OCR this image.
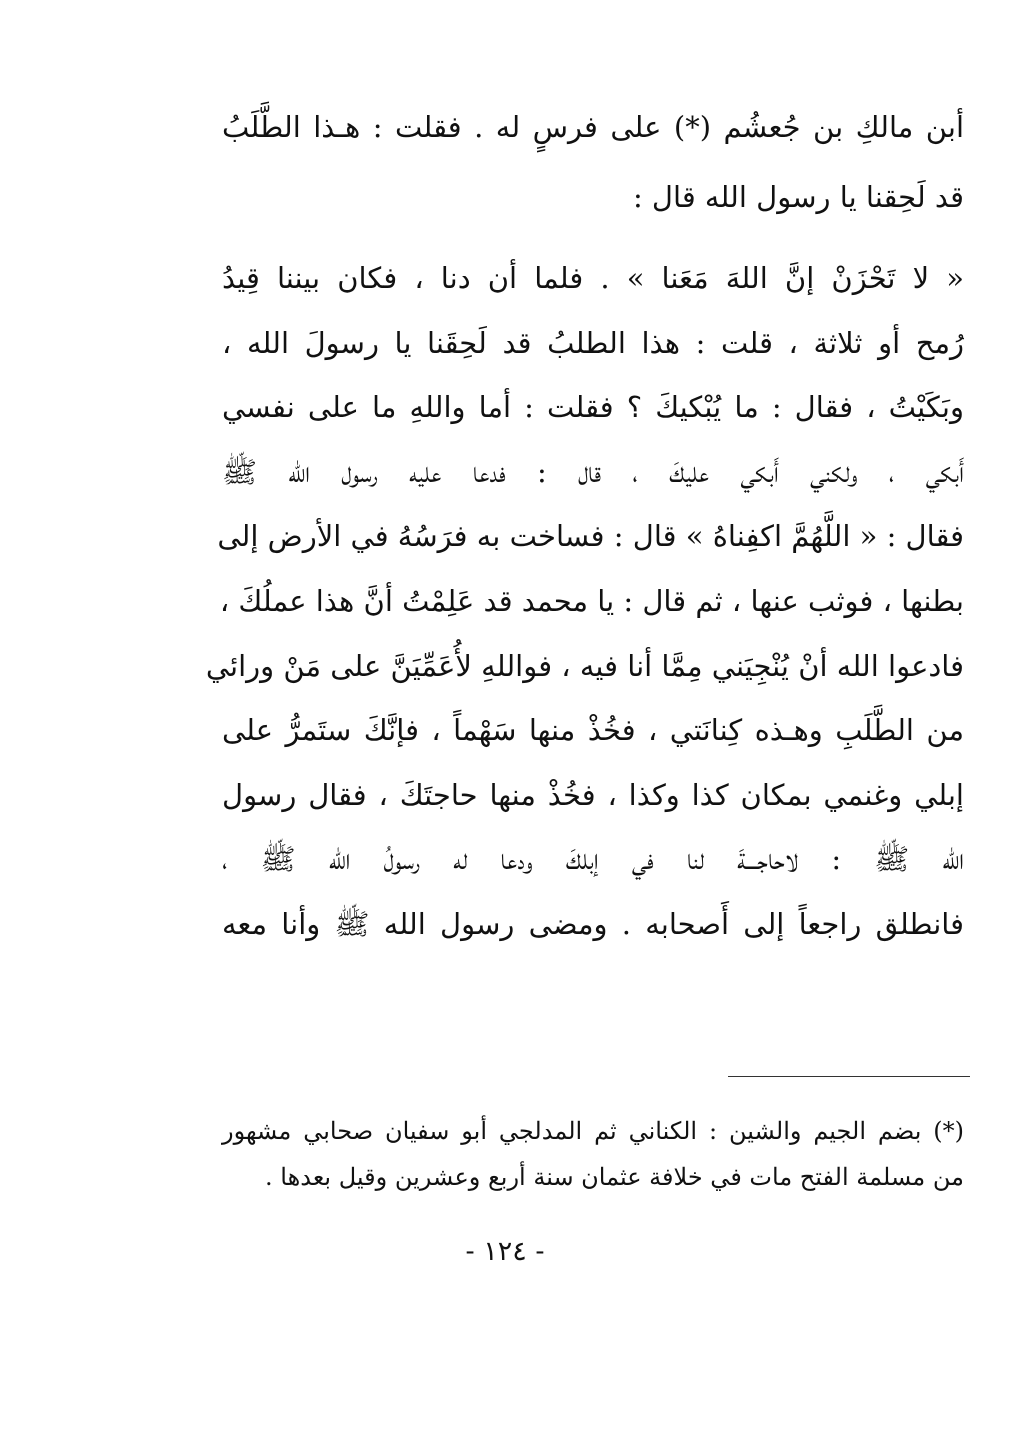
أبن مالكِ بن جُعشُم (*) على فرسٍ له . فقلت : هـذا الطَّلَبُ
قد لَحِقنا يا رسول الله قال :
« لا تَحْزَنْ إنَّ اللهَ مَعَنا » . فلما أن دنا ، فكان بيننا قِيدُ
رُمح أو ثلاثة ، قلت : هذا الطلبُ قد لَحِقَنا يا رسولَ الله ،
وبَكَيْتُ ، فقال : ما يُبْكيكَ ؟ فقلت : أما واللهِ ما على نفسي
أَبكي ، ولكني أَبكي عليكَ ، قال : فدعا عليه رسول الله ﷺ
فقال : « اللَّهُمَّ اكفِناهُ » قال : فساخت به فرَسُهُ في الأرض إلى
بطنها ، فوثب عنها ، ثم قال : يا محمد قد عَلِمْتُ أنَّ هذا عملُكَ ،
فادعوا الله أنْ يُنْجِيَني مِمَّا أنا فيه ، فواللهِ لأُعَمِّيَنَّ على مَنْ ورائي
من الطَّلَبِ وهـذه كِنانَتي ، فخُذْ منها سَهْماً ، فإنَّكَ ستَمرُّ على
إبلي وغنمي بمكان كذا وكذا ، فخُذْ منها حاجتَكَ ، فقال رسول
الله ﷺ : لاحاجـــةَ لنا في إبلكَ ودعا له رسولُ الله ﷺ ،
فانطلق راجعاً إلى أَصحابه . ومضى رسول الله ﷺ وأنا معه
(*) بضم الجيم والشين : الكناني ثم المدلجي أبو سفيان صحابي مشهور
من مسلمة الفتح مات في خلافة عثمان سنة أربع وعشرين وقيل بعدها .
- ١٢٤ -
